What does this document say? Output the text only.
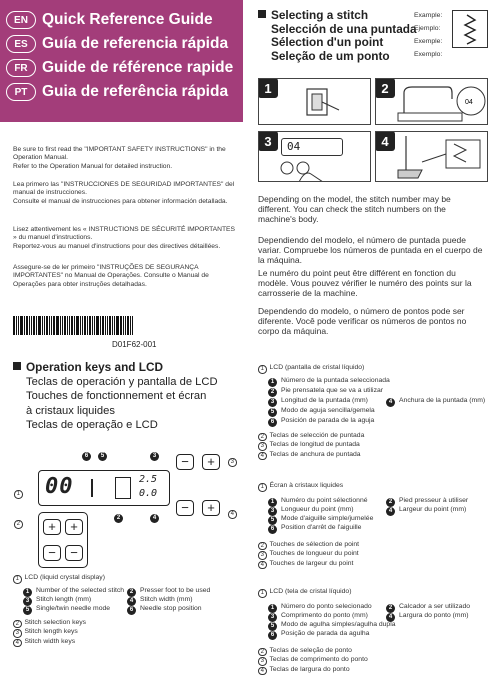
EN Quick Reference Guide
ES Guía de referencia rápida
FR Guide de référence rapide
PT Guia de referência rápida
Be sure to first read the "IMPORTANT SAFETY INSTRUCTIONS" in the Operation Manual.
Refer to the Operation Manual for detailed instruction.
Lea primero las "INSTRUCCIONES DE SEGURIDAD IMPORTANTES" del manual de instrucciones.
Consulte el manual de instrucciones para obtener información detallada.
Lisez attentivement les « INSTRUCTIONS DE SÉCURITÉ IMPORTANTES » du manuel d'instructions.
Reportez-vous au manuel d'instructions pour des directives détaillées.
Assegure-se de ler primeiro "INSTRUÇÕES DE SEGURANÇA IMPORTANTES" no Manual de Operações. Consulte o Manual de Operações para obter instruções detalhadas.
D01F62-001
Selecting a stitch
Selección de una puntada
Sélection d'un point
Seleção de um ponto
Example:
Ejemplo:
Exemple:
Exemplo:
1	2
04
3	04	4
Depending on the model, the stitch number may be different. You can check the stitch numbers on the machine's body.
Dependiendo del modelo, el número de puntada puede variar. Compruebe los números de puntada en el cuerpo de la máquina.
Le numéro du point peut être différent en fonction du modèle. Vous pouvez vérifier le numéro des points sur la carrosserie de la machine.
Dependendo do modelo, o número de pontos pode ser diferente. Você pode verificar os números de pontos no corpo da máquina.
Operation keys and LCD
Teclas de operación y pantalla de LCD
Touches de fonctionnement et écran
à cristaux liquides
Teclas de operação e LCD
6	5	3
1
2
3
4
2	4
00	2.5
0.0
−	+
−	+
+	+
−	−
1 LCD (liquid crystal display)
1 Number of the selected stitch 2 Presser foot to be used
3 Stitch length (mm)	4 Stitch width (mm)
5 Single/twin needle mode	6 Needle stop position
2 Stitch selection keys
3 Stitch length keys
4 Stitch width keys
1 LCD (pantalla de cristal líquido)
1 Número de la puntada seleccionada
2 Pie prensatela que se va a utilizar
3 Longitud de la puntada (mm)	4 Anchura de la puntada (mm)
5 Modo de aguja sencilla/gemela
6 Posición de parada de la aguja
2 Teclas de selección de puntada
3 Teclas de longitud de puntada
4 Teclas de anchura de puntada
1 Écran à cristaux liquides
1 Numéro du point sélectionné	2 Pied presseur à utiliser
3 Longueur du point (mm)	4 Largeur du point (mm)
5 Mode d'aiguille simple/jumelée
6 Position d'arrêt de l'aiguille
2 Touches de sélection de point
3 Touches de longueur du point
4 Touches de largeur du point
1 LCD (tela de cristal líquido)
1 Número do ponto selecionado	2 Calcador a ser utilizado
3 Comprimento do ponto (mm)	4 Largura do ponto (mm)
5 Modo de agulha simples/agulha dupla
6 Posição de parada da agulha
2 Teclas de seleção de ponto
3 Teclas de comprimento do ponto
4 Teclas de largura do ponto
